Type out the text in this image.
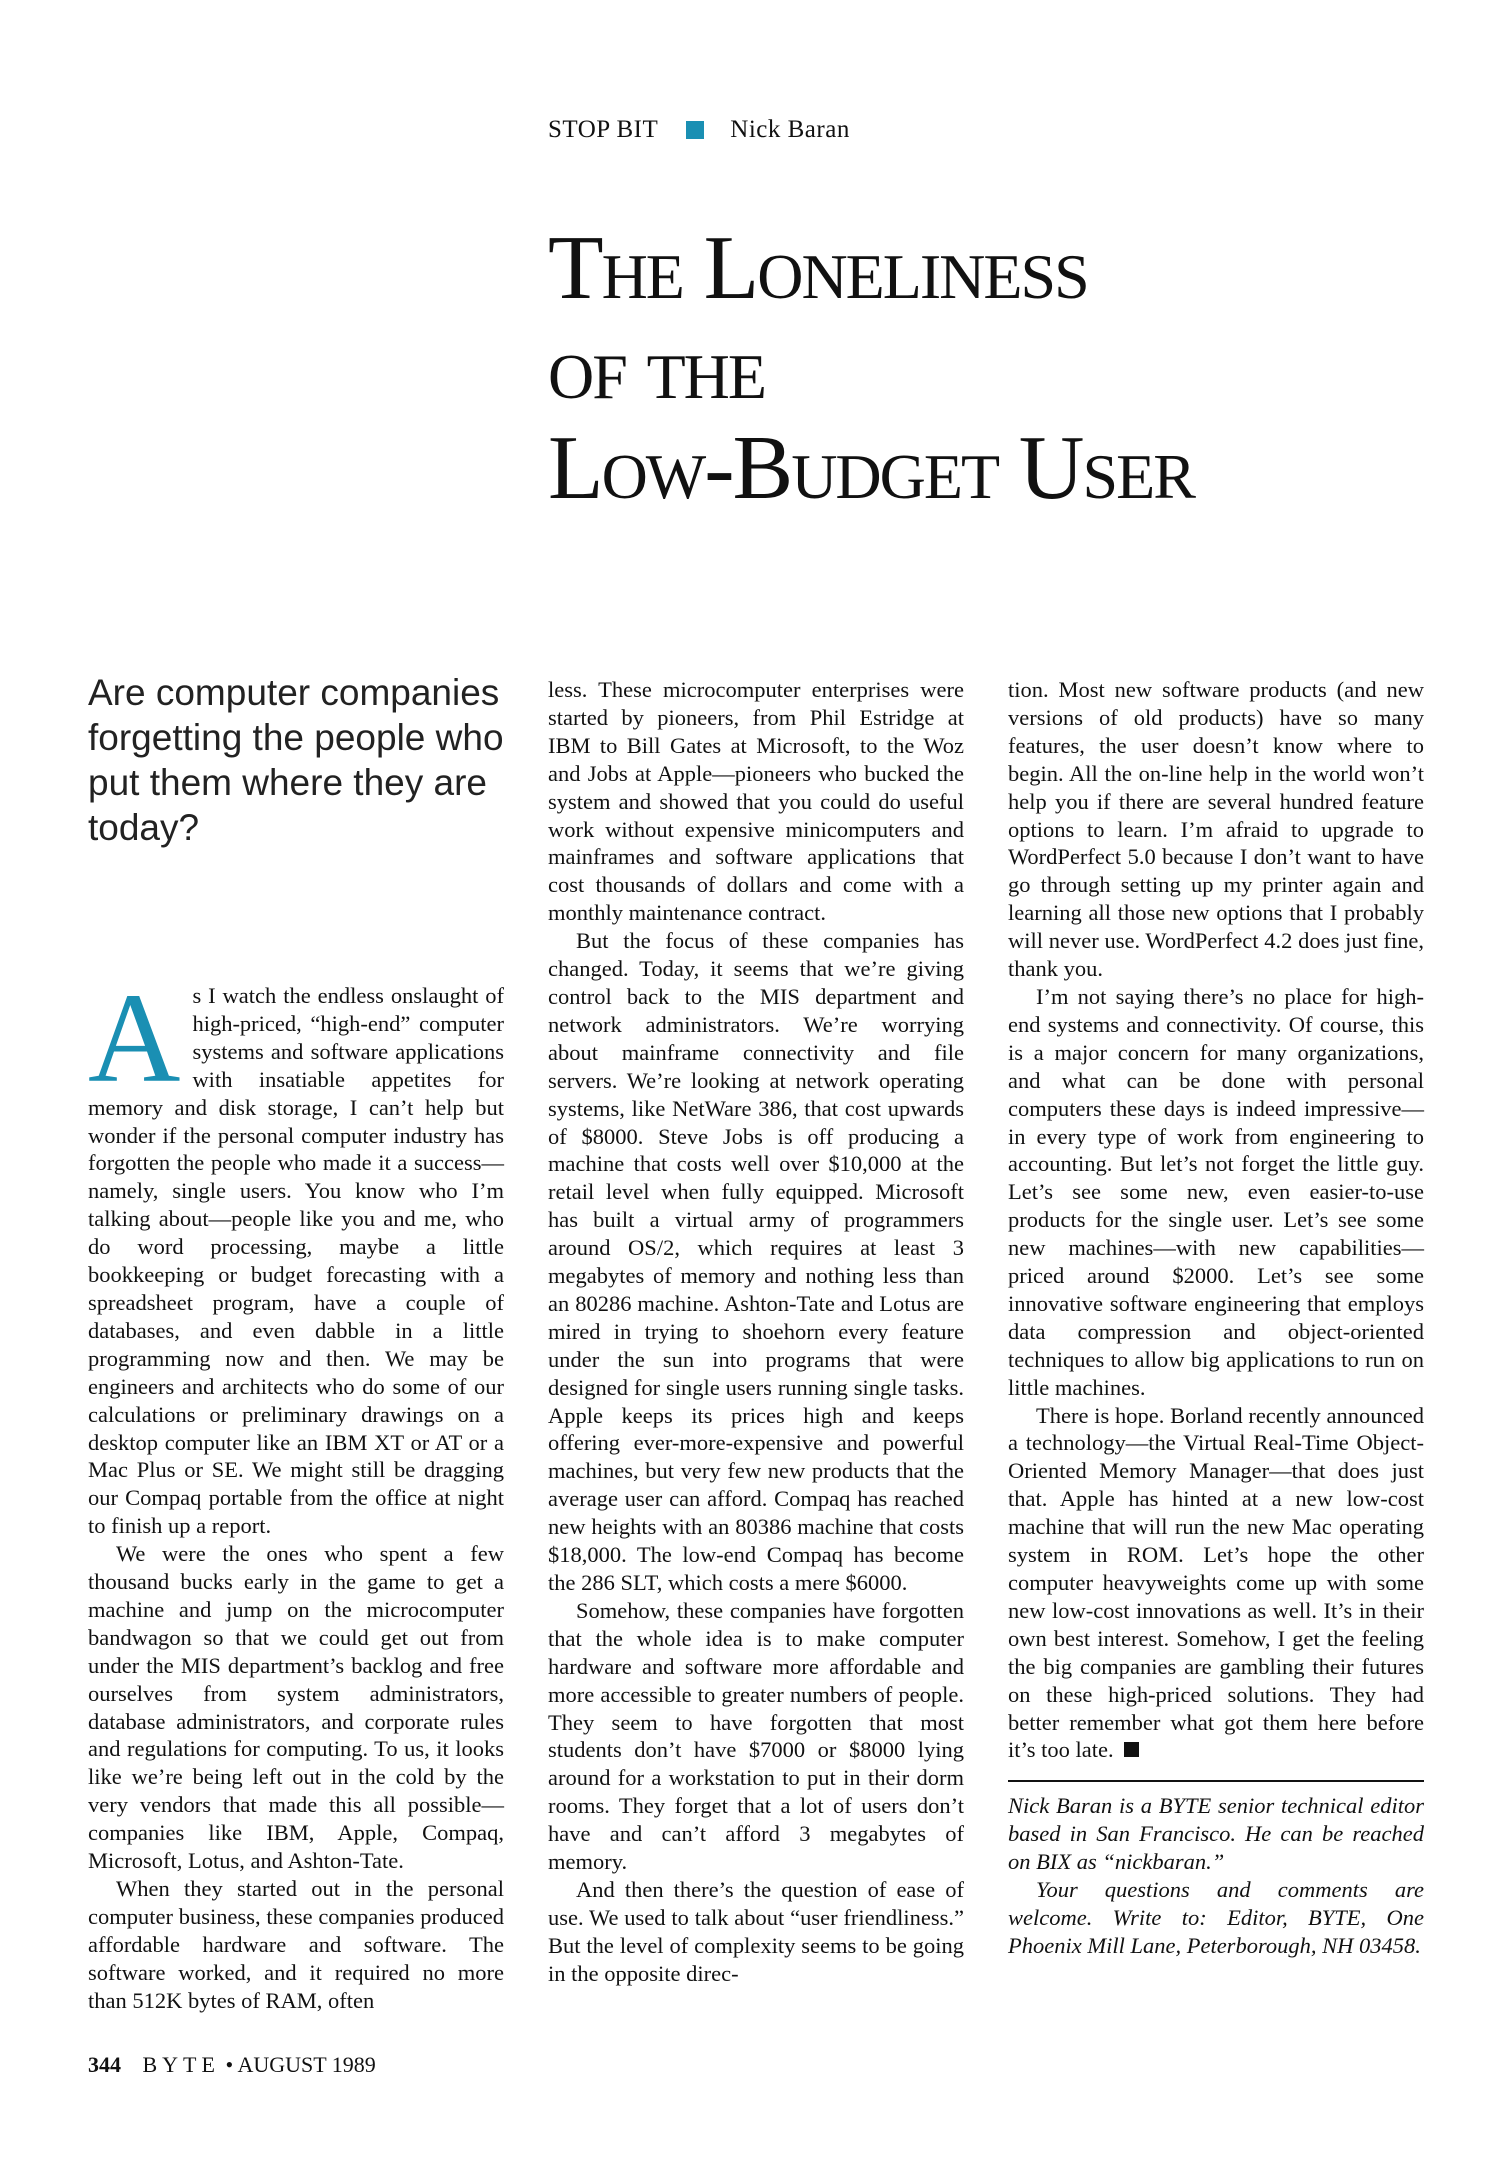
STOP BIT	Nick Baran
The Loneliness
of the
Low-Budget User

Are computer companies forgetting the people who put them where they are today?

As I watch the endless onslaught of high-priced, “high-end” computer systems and software applications with insatiable appetites for memory and disk storage, I can’t help but wonder if the personal computer industry has forgotten the people who made it a success—namely, single users. You know who I’m talking about—people like you and me, who do word processing, maybe a little bookkeeping or budget forecasting with a spreadsheet program, have a couple of databases, and even dabble in a little programming now and then. We may be engineers and architects who do some of our calculations or preliminary drawings on a desktop computer like an IBM XT or AT or a Mac Plus or SE. We might still be dragging our Compaq portable from the office at night to finish up a report.

We were the ones who spent a few thousand bucks early in the game to get a machine and jump on the microcomputer bandwagon so that we could get out from under the MIS department’s backlog and free ourselves from system administrators, database administrators, and corporate rules and regulations for computing. To us, it looks like we’re being left out in the cold by the very vendors that made this all possible—companies like IBM, Apple, Compaq, Microsoft, Lotus, and Ashton-Tate.

When they started out in the personal computer business, these companies produced affordable hardware and software. The software worked, and it required no more than 512K bytes of RAM, often

less. These microcomputer enterprises were started by pioneers, from Phil Estridge at IBM to Bill Gates at Microsoft, to the Woz and Jobs at Apple—pioneers who bucked the system and showed that you could do useful work without expensive minicomputers and mainframes and software applications that cost thousands of dollars and come with a monthly maintenance contract.

But the focus of these companies has changed. Today, it seems that we’re giving control back to the MIS department and network administrators. We’re worrying about mainframe connectivity and file servers. We’re looking at network operating systems, like NetWare 386, that cost upwards of $8000. Steve Jobs is off producing a machine that costs well over $10,000 at the retail level when fully equipped. Microsoft has built a virtual army of programmers around OS/2, which requires at least 3 megabytes of memory and nothing less than an 80286 machine. Ashton-Tate and Lotus are mired in trying to shoehorn every feature under the sun into programs that were designed for single users running single tasks. Apple keeps its prices high and keeps offering ever-more-expensive and powerful machines, but very few new products that the average user can afford. Compaq has reached new heights with an 80386 machine that costs $18,000. The low-end Compaq has become the 286 SLT, which costs a mere $6000.

Somehow, these companies have forgotten that the whole idea is to make computer hardware and software more affordable and more accessible to greater numbers of people. They seem to have forgotten that most students don’t have $7000 or $8000 lying around for a workstation to put in their dorm rooms. They forget that a lot of users don’t have and can’t afford 3 megabytes of memory.

And then there’s the question of ease of use. We used to talk about “user friendliness.” But the level of complexity seems to be going in the opposite direc-

tion. Most new software products (and new versions of old products) have so many features, the user doesn’t know where to begin. All the on-line help in the world won’t help you if there are several hundred feature options to learn. I’m afraid to upgrade to WordPerfect 5.0 because I don’t want to have go through setting up my printer again and learning all those new options that I probably will never use. WordPerfect 4.2 does just fine, thank you.

I’m not saying there’s no place for high-end systems and connectivity. Of course, this is a major concern for many organizations, and what can be done with personal computers these days is indeed impressive—in every type of work from engineering to accounting. But let’s not forget the little guy. Let’s see some new, even easier-to-use products for the single user. Let’s see some new machines—with new capabilities—priced around $2000. Let’s see some innovative software engineering that employs data compression and object-oriented techniques to allow big applications to run on little machines.

There is hope. Borland recently announced a technology—the Virtual Real-Time Object-Oriented Memory Manager—that does just that. Apple has hinted at a new low-cost machine that will run the new Mac operating system in ROM. Let’s hope the other computer heavyweights come up with some new low-cost innovations as well. It’s in their own best interest. Somehow, I get the feeling the big companies are gambling their futures on these high-priced solutions. They had better remember what got them here before it’s too late.

Nick Baran is a BYTE senior technical editor based in San Francisco. He can be reached on BIX as “nickbaran.”

Your questions and comments are welcome. Write to: Editor, BYTE, One Phoenix Mill Lane, Peterborough, NH 03458.

344 BYTE • AUGUST 1989
